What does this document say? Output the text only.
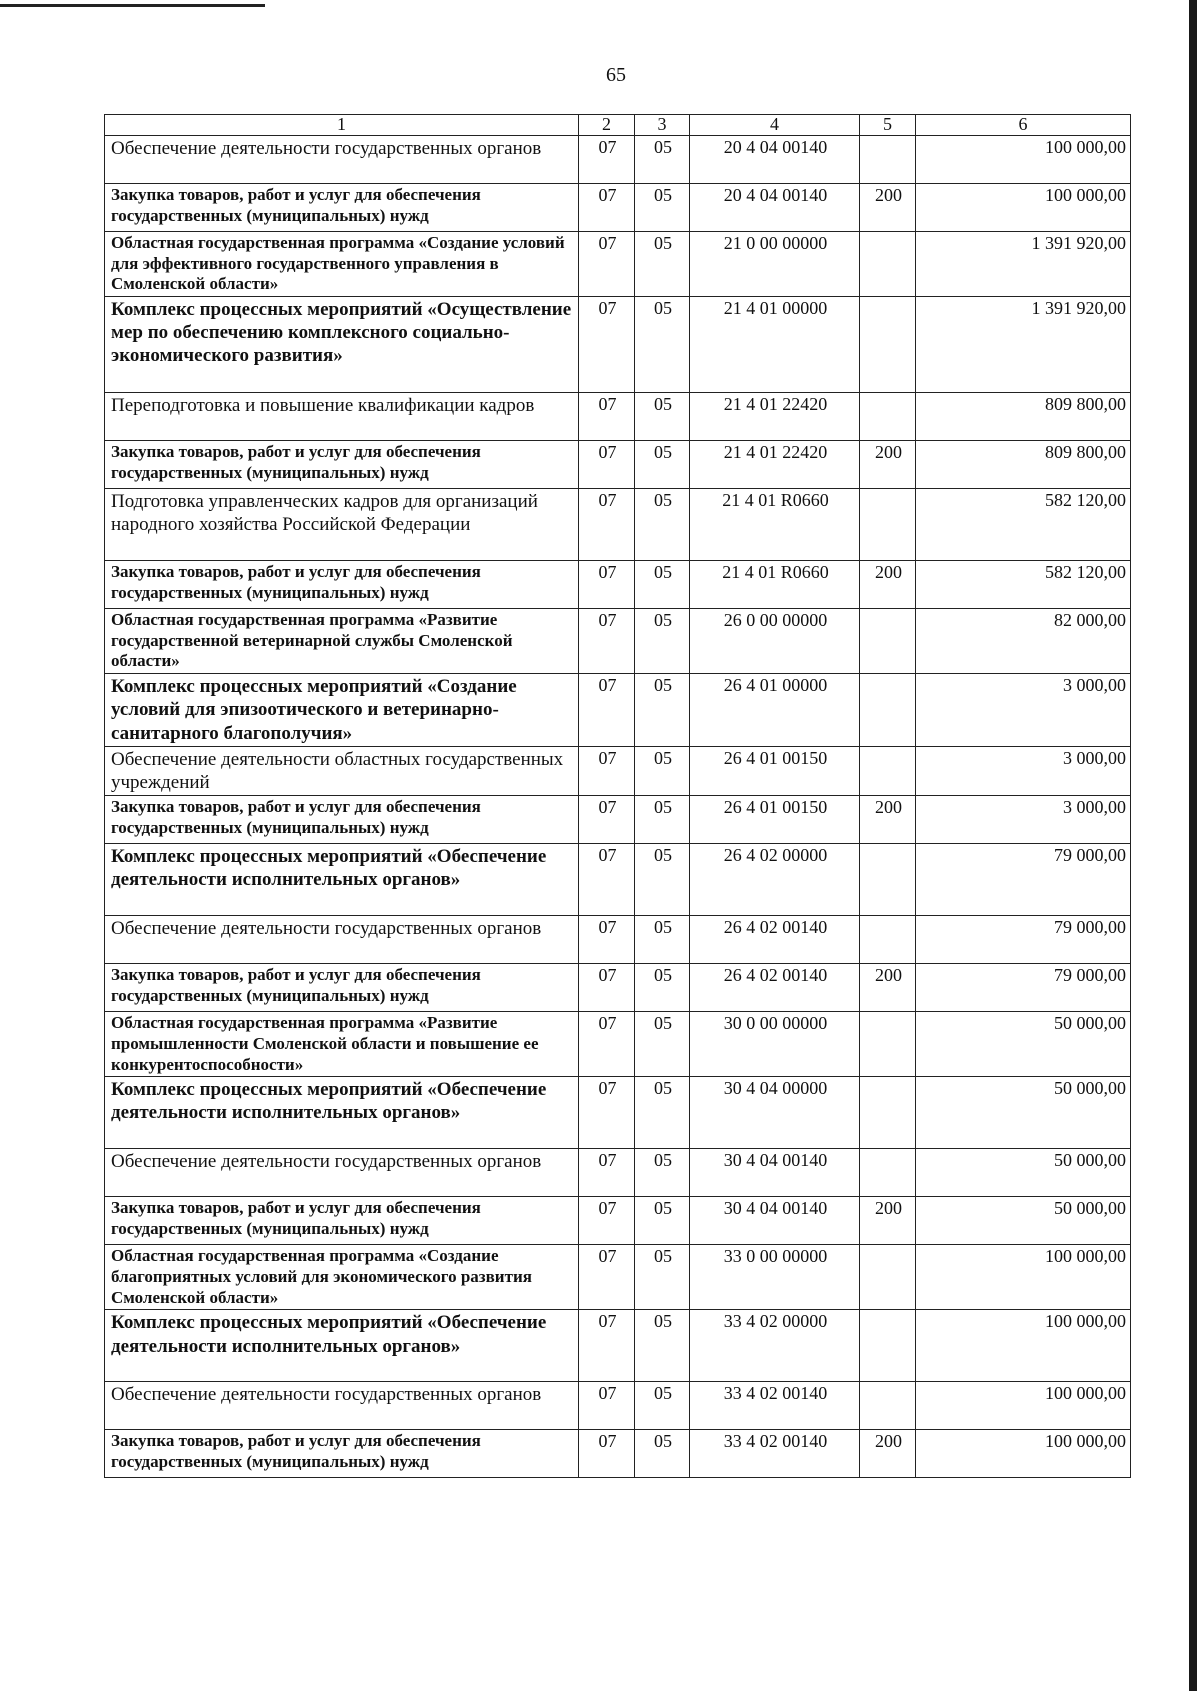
65
1	2	3	4	5	6
Обеспечение деятельности государственных органов	07	05	20 4 04 00140		100 000,00
Закупка товаров, работ и услуг для обеспечения государственных (муниципальных) нужд	07	05	20 4 04 00140	200	100 000,00
Областная государственная программа «Создание условий для эффективного государственного управления в Смоленской области»	07	05	21 0 00 00000		1 391 920,00
Комплекс процессных мероприятий «Осуществление мер по обеспечению комплексного социально-экономического развития»	07	05	21 4 01 00000		1 391 920,00
Переподготовка и повышение квалификации кадров	07	05	21 4 01 22420		809 800,00
Закупка товаров, работ и услуг для обеспечения государственных (муниципальных) нужд	07	05	21 4 01 22420	200	809 800,00
Подготовка управленческих кадров для организаций народного хозяйства Российской Федерации	07	05	21 4 01 R0660		582 120,00
Закупка товаров, работ и услуг для обеспечения государственных (муниципальных) нужд	07	05	21 4 01 R0660	200	582 120,00
Областная государственная программа «Развитие государственной ветеринарной службы Смоленской области»	07	05	26 0 00 00000		82 000,00
Комплекс процессных мероприятий «Создание условий для эпизоотического и ветеринарно-санитарного благополучия»	07	05	26 4 01 00000		3 000,00
Обеспечение деятельности областных государственных учреждений	07	05	26 4 01 00150		3 000,00
Закупка товаров, работ и услуг для обеспечения государственных (муниципальных) нужд	07	05	26 4 01 00150	200	3 000,00
Комплекс процессных мероприятий «Обеспечение деятельности исполнительных органов»	07	05	26 4 02 00000		79 000,00
Обеспечение деятельности государственных органов	07	05	26 4 02 00140		79 000,00
Закупка товаров, работ и услуг для обеспечения государственных (муниципальных) нужд	07	05	26 4 02 00140	200	79 000,00
Областная государственная программа «Развитие промышленности Смоленской области и повышение ее конкурентоспособности»	07	05	30 0 00 00000		50 000,00
Комплекс процессных мероприятий «Обеспечение деятельности исполнительных органов»	07	05	30 4 04 00000		50 000,00
Обеспечение деятельности государственных органов	07	05	30 4 04 00140		50 000,00
Закупка товаров, работ и услуг для обеспечения государственных (муниципальных) нужд	07	05	30 4 04 00140	200	50 000,00
Областная государственная программа «Создание благоприятных условий для экономического развития Смоленской области»	07	05	33 0 00 00000		100 000,00
Комплекс процессных мероприятий «Обеспечение деятельности исполнительных органов»	07	05	33 4 02 00000		100 000,00
Обеспечение деятельности государственных органов	07	05	33 4 02 00140		100 000,00
Закупка товаров, работ и услуг для обеспечения государственных (муниципальных) нужд	07	05	33 4 02 00140	200	100 000,00
